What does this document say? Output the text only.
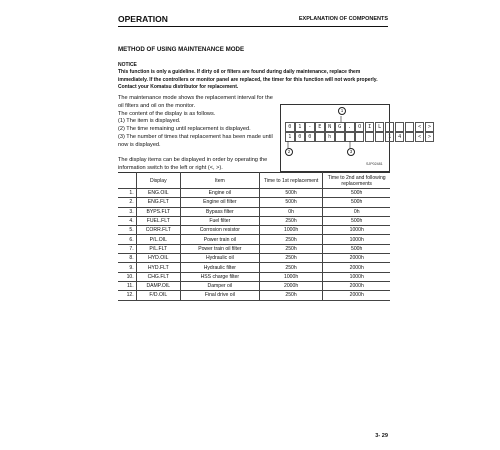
OPERATION	EXPLANATION OF COMPONENTS
METHOD OF USING MAINTENANCE MODE
NOTICE
This function is only a guideline. If dirty oil or filters are found during daily maintenance, replace them immediately. If the controllers or monitor panel are replaced, the timer for this function will not work properly. Contact your Komatsu distributor for replacement.
The maintenance mode shows the replacement interval for the oil filters and oil on the monitor.
The content of the display is as follows.
(1) The item is displayed.
(2) The time remaining until replacement is displayed.
(3) The number of times that replacement has been made until now is displayed.
The display items can be displayed in order by operating the information switch to the left or right (<, >).
0	1	-	E	N	G	.	O	I	L	<	>
1	0	0	h	1	4	<	>
1
2	3
SJP02481
	Display	Item	Time to 1st replacement	Time to 2nd and following replacements
1.	ENG.OIL	Engine oil	500h	500h
2.	ENG.FLT	Engine oil filter	500h	500h
3.	BYPS.FLT	Bypass filter	0h	0h
4.	FUEL.FLT	Fuel filter	250h	500h
5.	CORR.FLT	Corrosion resistor	1000h	1000h
6.	P/L.OIL	Power train oil	250h	1000h
7.	P/L.FLT	Power train oil filter	250h	500h
8.	HYD.OIL	Hydraulic oil	250h	2000h
9.	HYD.FLT	Hydraulic filter	250h	2000h
10.	CHG.FLT	HSS charge filter	1000h	1000h
11.	DAMP.OIL	Damper oil	2000h	2000h
12.	F/D.OIL	Final drive oil	250h	2000h
3- 29
